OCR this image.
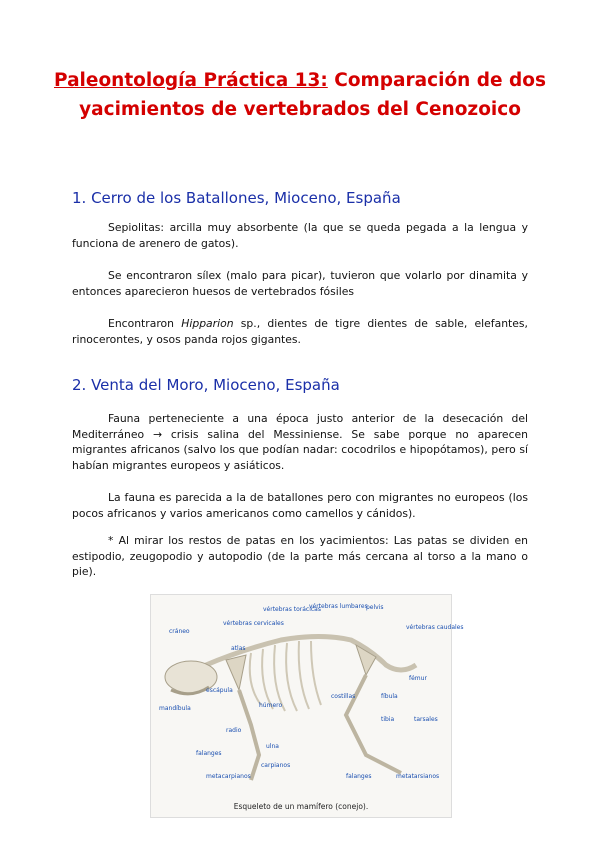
Paleontología Práctica 13: Comparación de dos yacimientos de vertebrados del Cenozoico
1. Cerro de los Batallones, Mioceno, España

Sepiolitas: arcilla muy absorbente (la que se queda pegada a la lengua y funciona de arenero de gatos).

Se encontraron sílex (malo para picar), tuvieron que volarlo por dinamita y entonces aparecieron huesos de vertebrados fósiles

Encontraron Hipparion sp., dientes de tigre dientes de sable, elefantes, rinocerontes, y osos panda rojos gigantes.

2. Venta del Moro, Mioceno, España

Fauna perteneciente a una época justo anterior de la desecación del Mediterráneo → crisis salina del Messiniense. Se sabe porque no aparecen migrantes africanos (salvo los que podían nadar: cocodrilos e hipopótamos), pero sí habían migrantes europeos y asiáticos.

La fauna es parecida a la de batallones pero con migrantes no europeos (los pocos africanos y varios americanos como camellos y cánidos).

* Al mirar los restos de patas en los yacimientos: Las patas se dividen en estipodio, zeugopodio y autopodio (de la parte más cercana al torso a la mano o pie).

cráneo
vértebras cervicales
vértebras torácicas
vértebras lumbares
pelvis
vértebras caudales
atlas
mandíbula
escápula
húmero
costillas
fémur
fíbula
tibia	tarsales
radio
ulna
falanges
carpianos
metacarpianos	falanges	metatarsianos
Esqueleto de un mamífero (conejo).
